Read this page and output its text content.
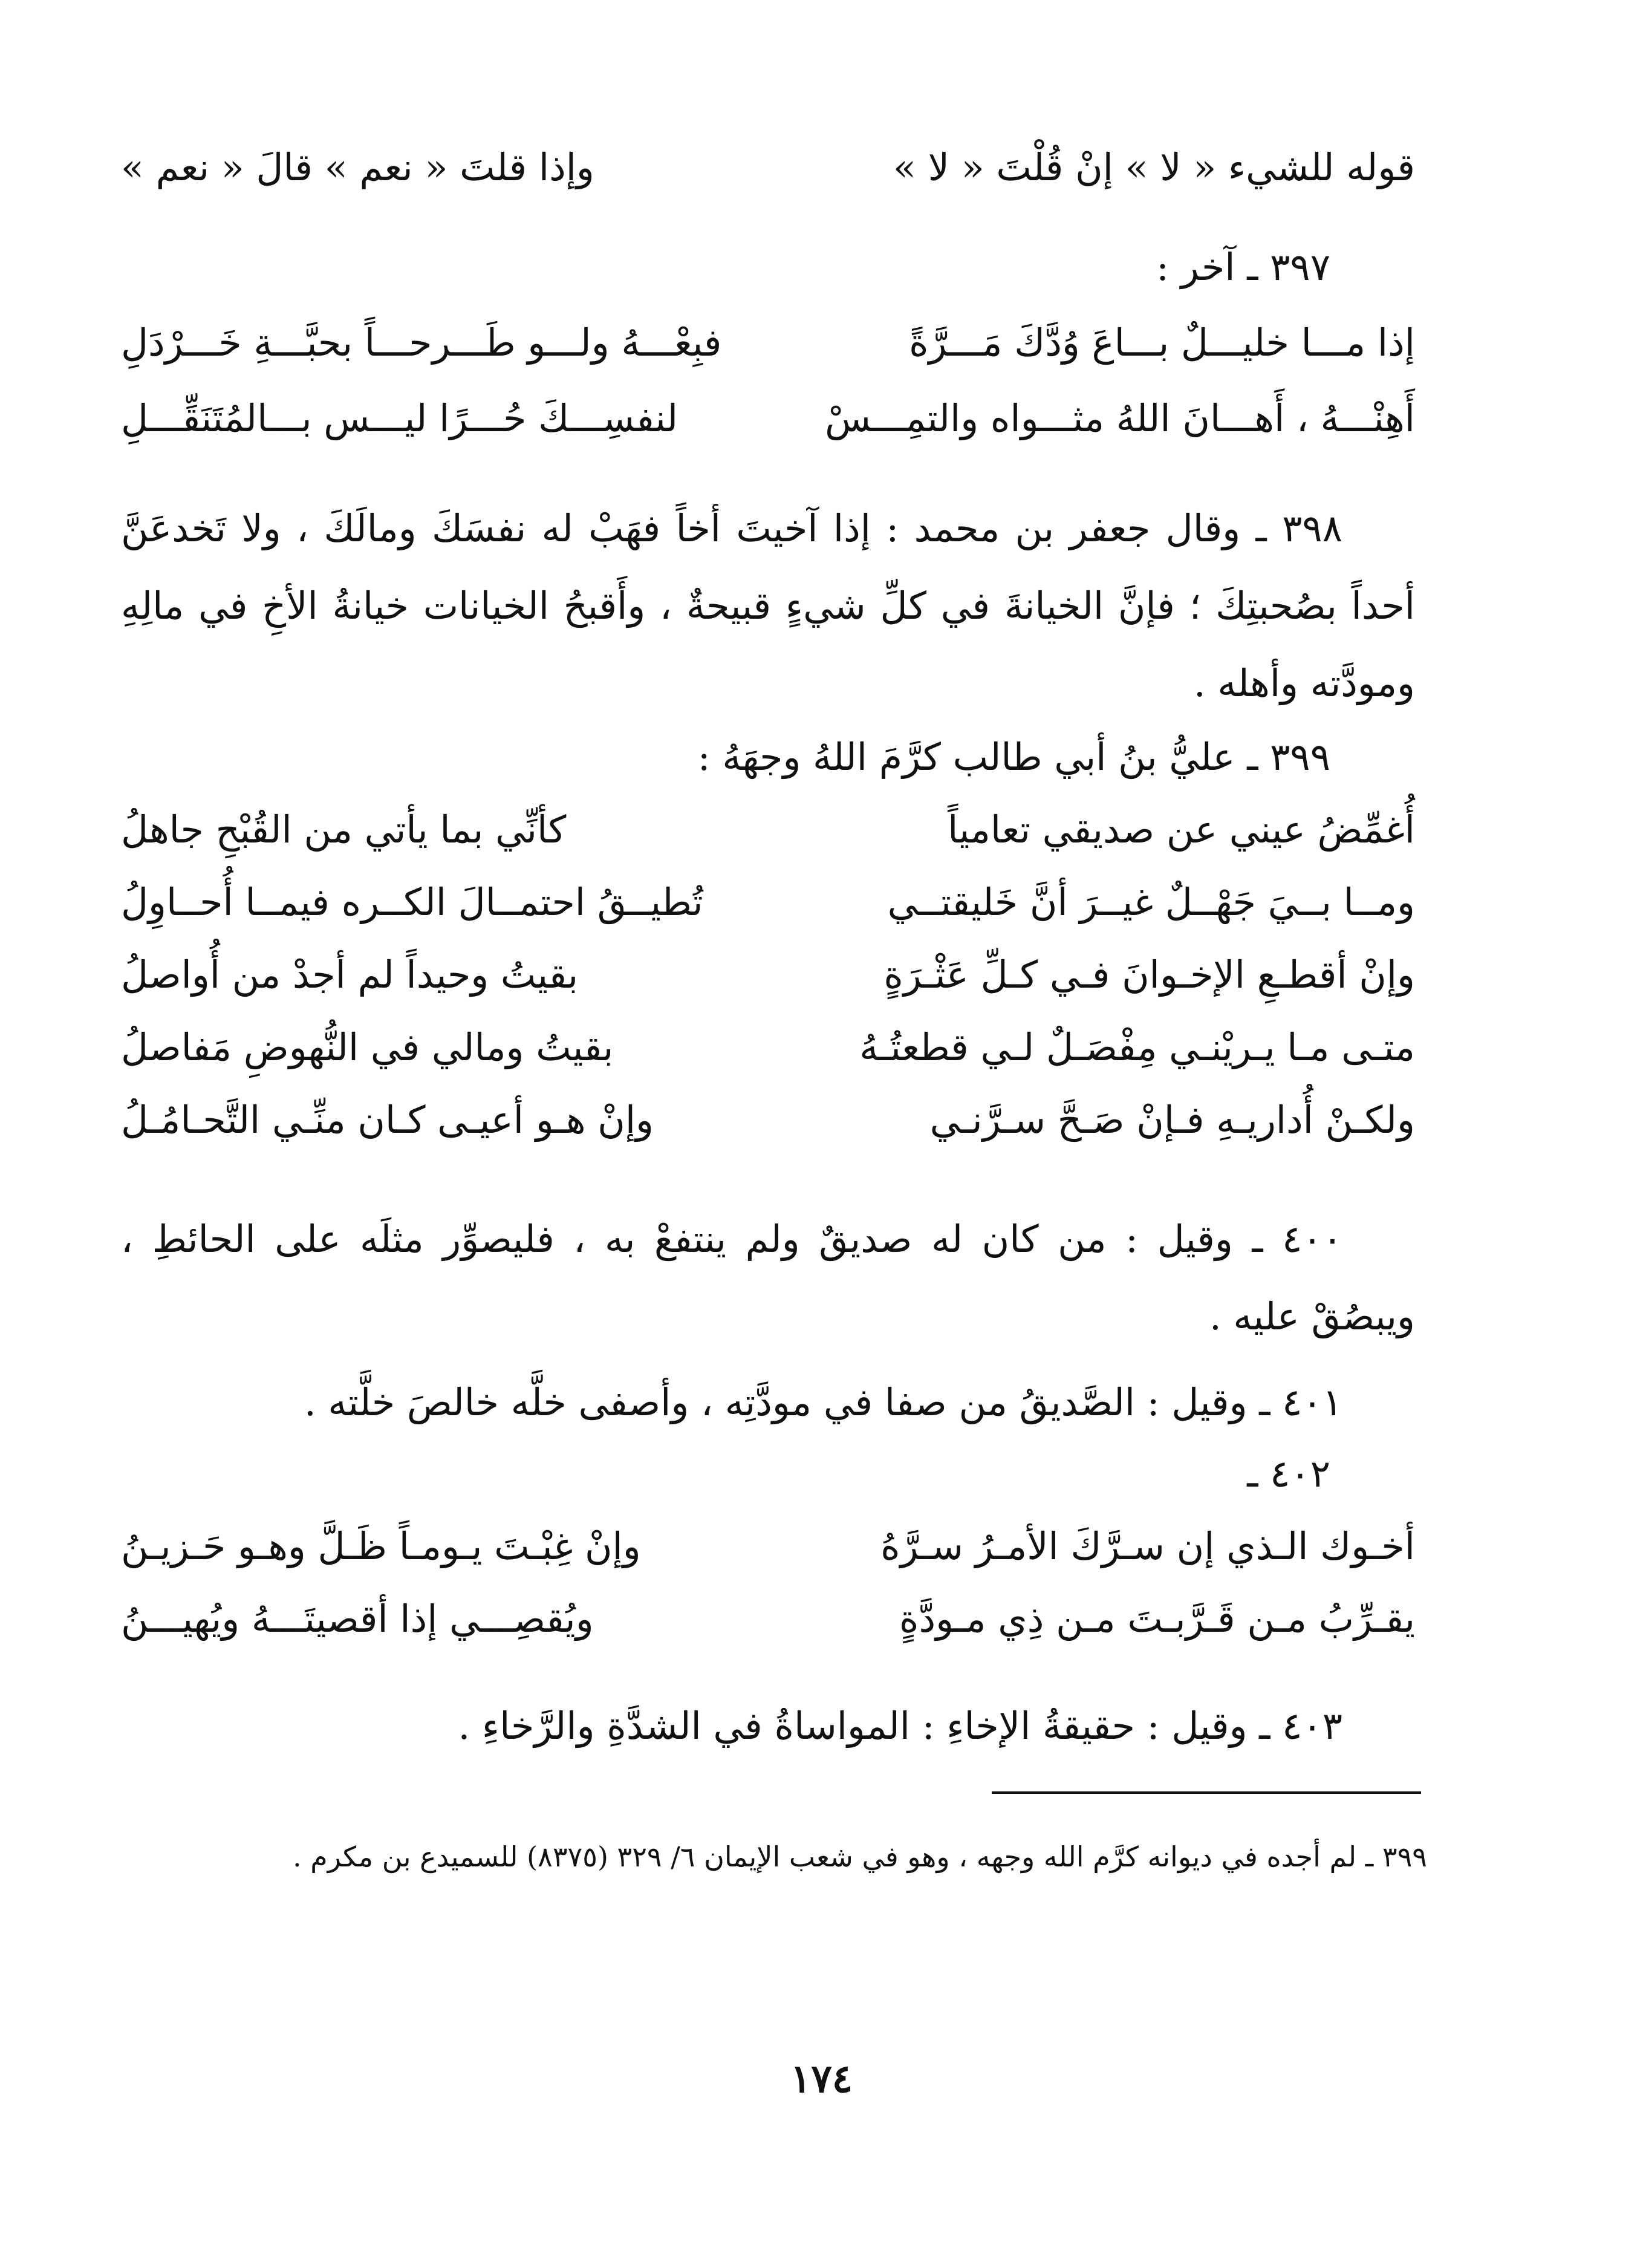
قوله للشيء « لا » إنْ قُلْتَ « لا »
وإذا قلتَ « نعم » قالَ « نعم »
٣٩٧ ـ آخر :
إذا مـــا خليـــلٌ بـــاعَ وُدَّكَ مَـــرَّةً
فبِعْـــهُ ولـــو طَـــرحـــاً بحبَّـــةِ خَـــرْدَلِ
أَهِنْـــهُ ، أَهـــانَ اللهُ مثـــواه والتمِـــسْ
لنفسِـــكَ حُـــرًا ليـــس بـــالمُتَنَقِّـــلِ
٣٩٨ ـ وقال جعفر بن محمد : إذا آخيتَ أخاً فهَبْ له نفسَكَ ومالَكَ ، ولا تَخدعَنَّ أحداً بصُحبتِكَ ؛ فإنَّ الخيانةَ في كلِّ شيءٍ قبيحةٌ ، وأَقبحُ الخيانات خيانةُ الأخِ في مالِهِ ومودَّته وأهله .
٣٩٩ ـ عليُّ بنُ أبي طالب كرَّمَ اللهُ وجهَهُ :
أُغمِّضُ عيني عن صديقي تعامياً
كأنِّي بما يأتي من القُبْحِ جاهلُ
ومــا بــيَ جَهْــلٌ غيــرَ أنَّ خَليقتــي
تُطيــقُ احتمــالَ الكــره فيمــا أُحــاوِلُ
وإنْ أقطـعِ الإخـوانَ فـي كـلِّ عَثْـرَةٍ
بقيتُ وحيداً لم أجدْ من أُواصلُ
متـى مـا يـريْنـي مِفْصَـلٌ لـي قطعتُـهُ
بقيتُ ومالي في النُّهوضِ مَفاصلُ
ولكـنْ أُداريـهِ فـإنْ صَـحَّ سـرَّنـي
وإنْ هـو أعيـى كـان منِّـي التَّحـامُـلُ
٤٠٠ ـ وقيل : من كان له صديقٌ ولم ينتفعْ به ، فليصوِّر مثلَه على الحائطِ ، ويبصُقْ عليه .
٤٠١ ـ وقيل : الصَّديقُ من صفا في مودَّتِه ، وأصفى خلَّه خالصَ خلَّته .
٤٠٢ ـ
أخـوك الـذي إن سـرَّكَ الأمـرُ سـرَّهُ
وإنْ غِبْـتَ يـومـاً ظَـلَّ وهـو حَـزيـنُ
يقـرِّبُ مـن قَـرَّبـتَ مـن ذِي مـودَّةٍ
ويُقصِـــي إذا أقصيتَـــهُ ويُهيـــنُ
٤٠٣ ـ وقيل : حقيقةُ الإخاءِ : المواساةُ في الشدَّةِ والرَّخاءِ .
٣٩٩ ـ لم أجده في ديوانه كرَّم الله وجهه ، وهو في شعب الإيمان ٦/ ٣٢٩ (٨٣٧٥) للسميدع بن مكرم .
١٧٤
